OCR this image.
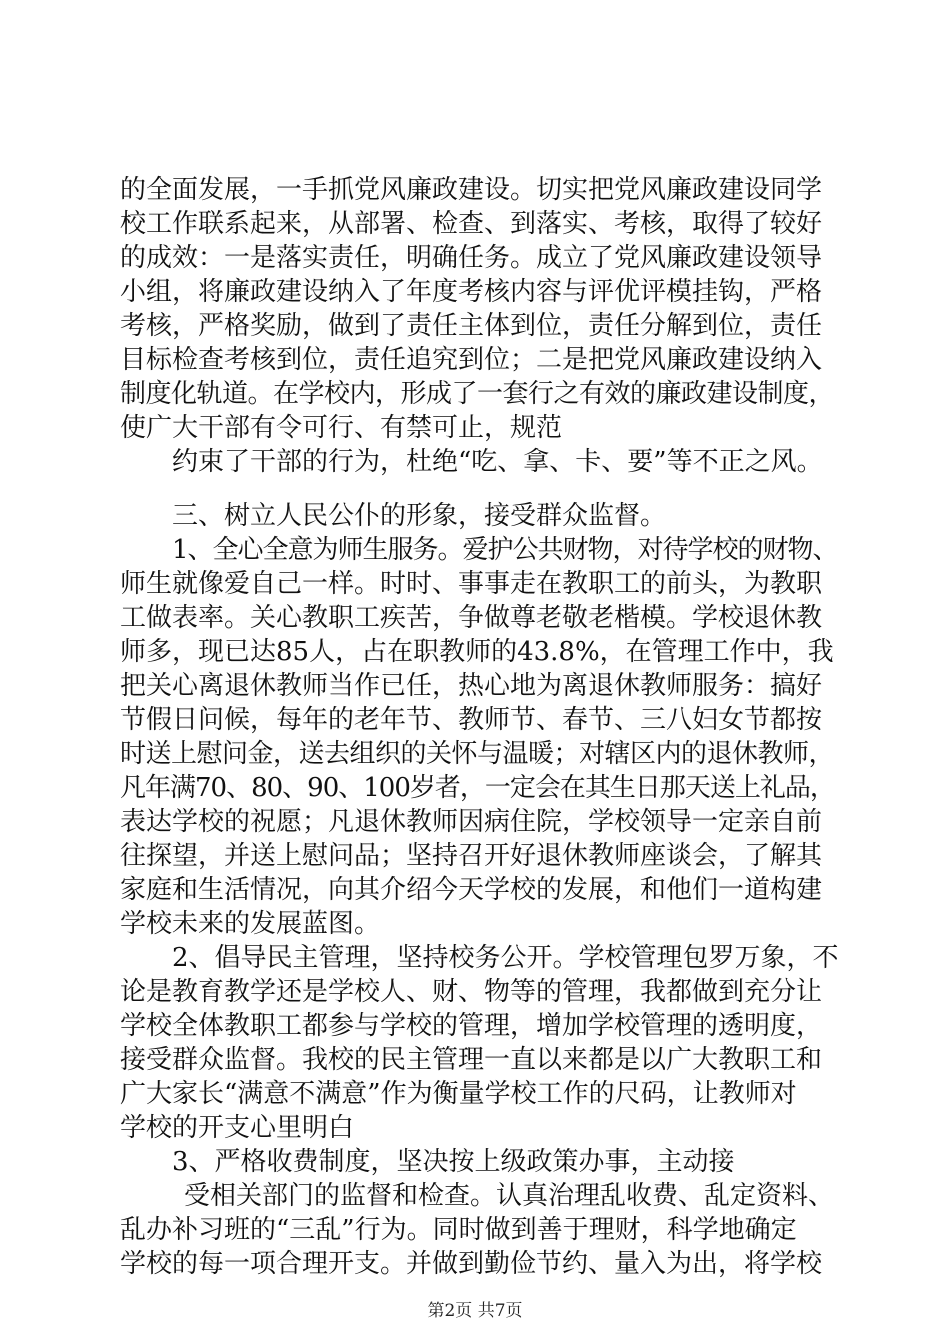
的全面发展，一手抓党风廉政建设。切实把党风廉政建设同学
校工作联系起来，从部署、检查、到落实、考核，取得了较好
的成效：一是落实责任，明确任务。成立了党风廉政建设领导
小组，将廉政建设纳入了年度考核内容与评优评模挂钩，严格
考核，严格奖励，做到了责任主体到位，责任分解到位，责任
目标检查考核到位，责任追究到位；二是把党风廉政建设纳入
制度化轨道。在学校内，形成了一套行之有效的廉政建设制度，
使广大干部有令可行、有禁可止，规范
约束了干部的行为，杜绝“吃、拿、卡、要”等不正之风。
三、树立人民公仆的形象，接受群众监督。
1、全心全意为师生服务。爱护公共财物，对待学校的财物、
师生就像爱自己一样。时时、事事走在教职工的前头，为教职
工做表率。关心教职工疾苦，争做尊老敬老楷模。学校退休教
师多，现已达85人，占在职教师的43.8%，在管理工作中，我
把关心离退休教师当作已任，热心地为离退休教师服务：搞好
节假日问候，每年的老年节、教师节、春节、三八妇女节都按
时送上慰问金，送去组织的关怀与温暖；对辖区内的退休教师，
凡年满70、80、90、100岁者，一定会在其生日那天送上礼品，
表达学校的祝愿；凡退休教师因病住院，学校领导一定亲自前
往探望，并送上慰问品；坚持召开好退休教师座谈会，了解其
家庭和生活情况，向其介绍今天学校的发展，和他们一道构建
学校未来的发展蓝图。
2、倡导民主管理，坚持校务公开。学校管理包罗万象，不
论是教育教学还是学校人、财、物等的管理，我都做到充分让
学校全体教职工都参与学校的管理，增加学校管理的透明度，
接受群众监督。我校的民主管理一直以来都是以广大教职工和
广大家长“满意不满意”作为衡量学校工作的尺码，让教师对
学校的开支心里明白
3、严格收费制度，坚决按上级政策办事，主动接
受相关部门的监督和检查。认真治理乱收费、乱定资料、
乱办补习班的“三乱”行为。同时做到善于理财，科学地确定
学校的每一项合理开支。并做到勤俭节约、量入为出，将学校
第2页 共7页
